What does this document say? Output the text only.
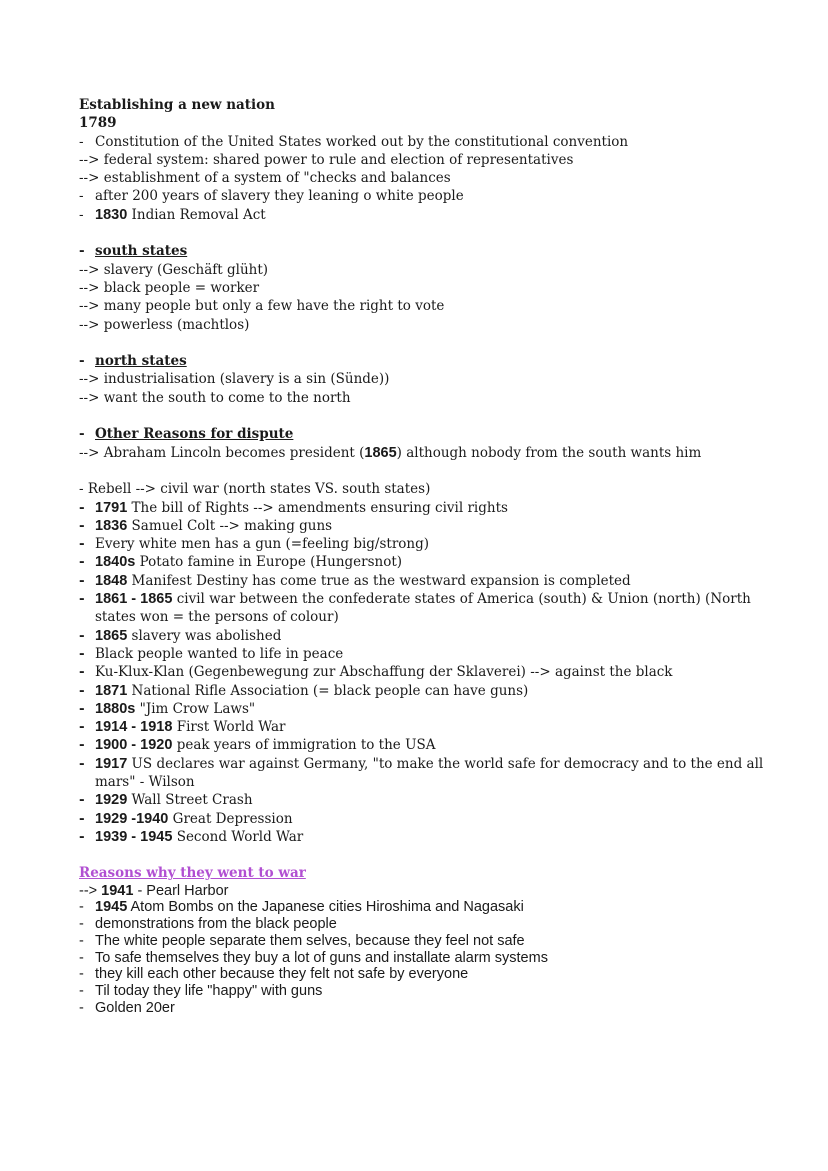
Establishing a new nation
1789
- Constitution of the United States worked out by the constitutional convention
--> federal system: shared power to rule and election of representatives
--> establishment of a system of "checks and balances
- after 200 years of slavery they leaning o white people
- 1830 Indian Removal Act
- south states
--> slavery (Geschäft glüht)
--> black people = worker
--> many people but only a few have the right to vote
--> powerless (machtlos)
- north states
--> industrialisation (slavery is a sin (Sünde))
--> want the south to come to the north
- Other Reasons for dispute
--> Abraham Lincoln becomes president (1865) although nobody from the south wants him
- Rebell --> civil war (north states VS. south states)
- 1791 The bill of Rights --> amendments ensuring civil rights
- 1836 Samuel Colt --> making guns
- Every white men has a gun (=feeling big/strong)
- 1840s Potato famine in Europe (Hungersnot)
- 1848 Manifest Destiny has come true as the westward expansion is completed
- 1861 - 1865 civil war between the confederate states of America (south) & Union (north) (North states won = the persons of colour)
- 1865 slavery was abolished
- Black people wanted to life in peace
- Ku-Klux-Klan (Gegenbewegung zur Abschaffung der Sklaverei) --> against the black
- 1871 National Rifle Association (= black people can have guns)
- 1880s "Jim Crow Laws"
- 1914 - 1918 First World War
- 1900 - 1920 peak years of immigration to the USA
- 1917 US declares war against Germany, "to make the world safe for democracy and to the end all mars" - Wilson
- 1929 Wall Street Crash
- 1929 -1940 Great Depression
- 1939 - 1945 Second World War
Reasons why they went to war
--> 1941 - Pearl Harbor
- 1945 Atom Bombs on the Japanese cities Hiroshima and Nagasaki
- demonstrations from the black people
- The white people separate them selves, because they feel not safe
- To safe themselves they buy a lot of guns and installate alarm systems
- they kill each other because they felt not safe by everyone
- Til today they life "happy" with guns
- Golden 20er
